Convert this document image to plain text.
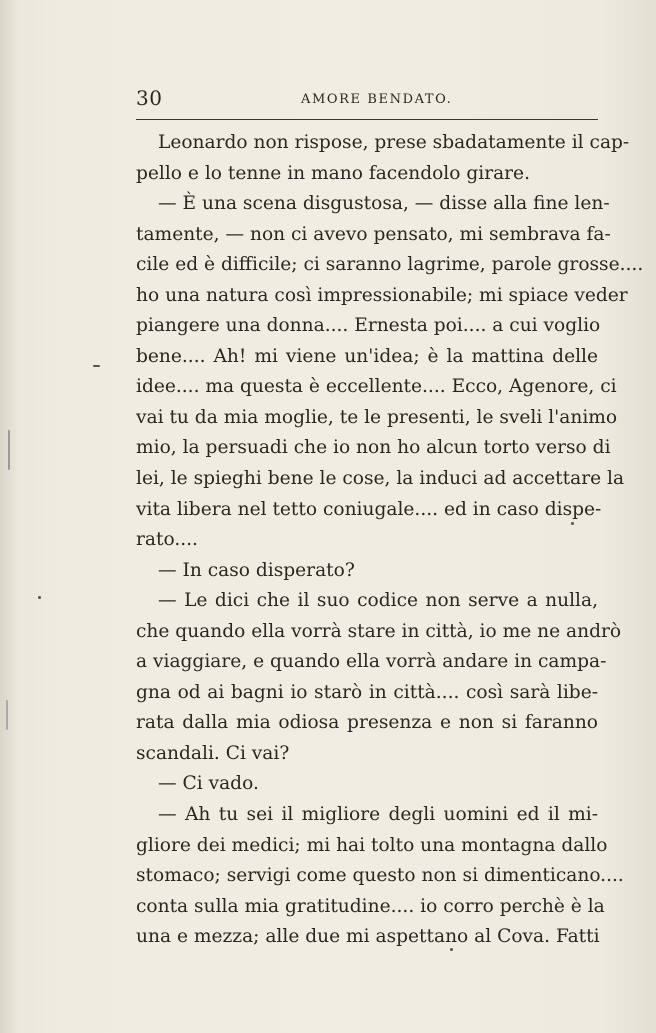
30	AMORE BENDATO.
Leonardo non rispose, prese sbadatamente il cap-
pello e lo tenne in mano facendolo girare.
— È una scena disgustosa, — disse alla fine len-
tamente, — non ci avevo pensato, mi sembrava fa-
cile ed è difficile; ci saranno lagrime, parole grosse....
ho una natura così impressionabile; mi spiace veder
piangere una donna.... Ernesta poi.... a cui voglio
bene.... Ah! mi viene un'idea; è la mattina delle
idee.... ma questa è eccellente.... Ecco, Agenore, ci
vai tu da mia moglie, te le presenti, le sveli l'animo
mio, la persuadi che io non ho alcun torto verso di
lei, le spieghi bene le cose, la induci ad accettare la
vita libera nel tetto coniugale.... ed in caso dispe-
rato....
— In caso disperato?
— Le dici che il suo codice non serve a nulla,
che quando ella vorrà stare in città, io me ne andrò
a viaggiare, e quando ella vorrà andare in campa-
gna od ai bagni io starò in città.... così sarà libe-
rata dalla mia odiosa presenza e non si faranno
scandali. Ci vai?
— Ci vado.
— Ah tu sei il migliore degli uomini ed il mi-
gliore dei medici; mi hai tolto una montagna dallo
stomaco; servigi come questo non si dimenticano....
conta sulla mia gratitudine.... io corro perchè è la
una e mezza; alle due mi aspettano al Cova. Fatti
